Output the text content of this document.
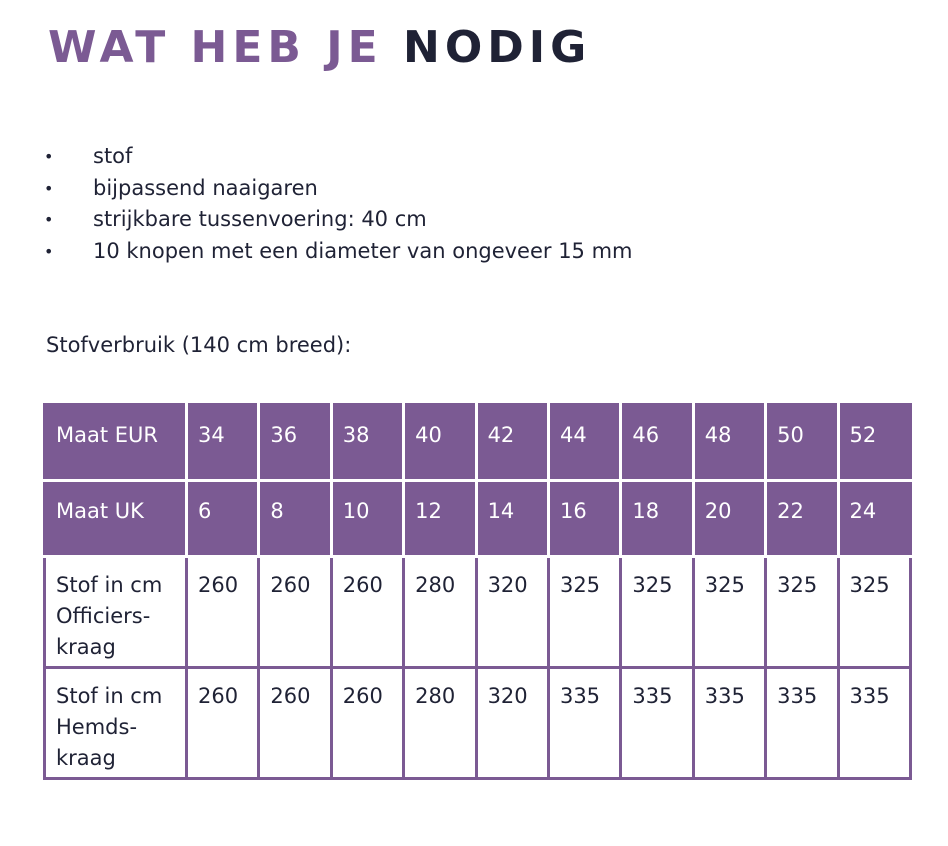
WAT HEB JE NODIG
• stof
• bijpassend naaigaren
• strijkbare tussenvoering: 40 cm
• 10 knopen met een diameter van ongeveer 15 mm

Stofverbruik (140 cm breed):

Maat EUR	34	36	38	40	42	44	46	48	50	52
Maat UK	6	8	10	12	14	16	18	20	22	24
Stof in cm
Officiers-
kraag	260	260	260	280	320	325	325	325	325	325
Stof in cm
Hemds-
kraag	260	260	260	280	320	335	335	335	335	335
